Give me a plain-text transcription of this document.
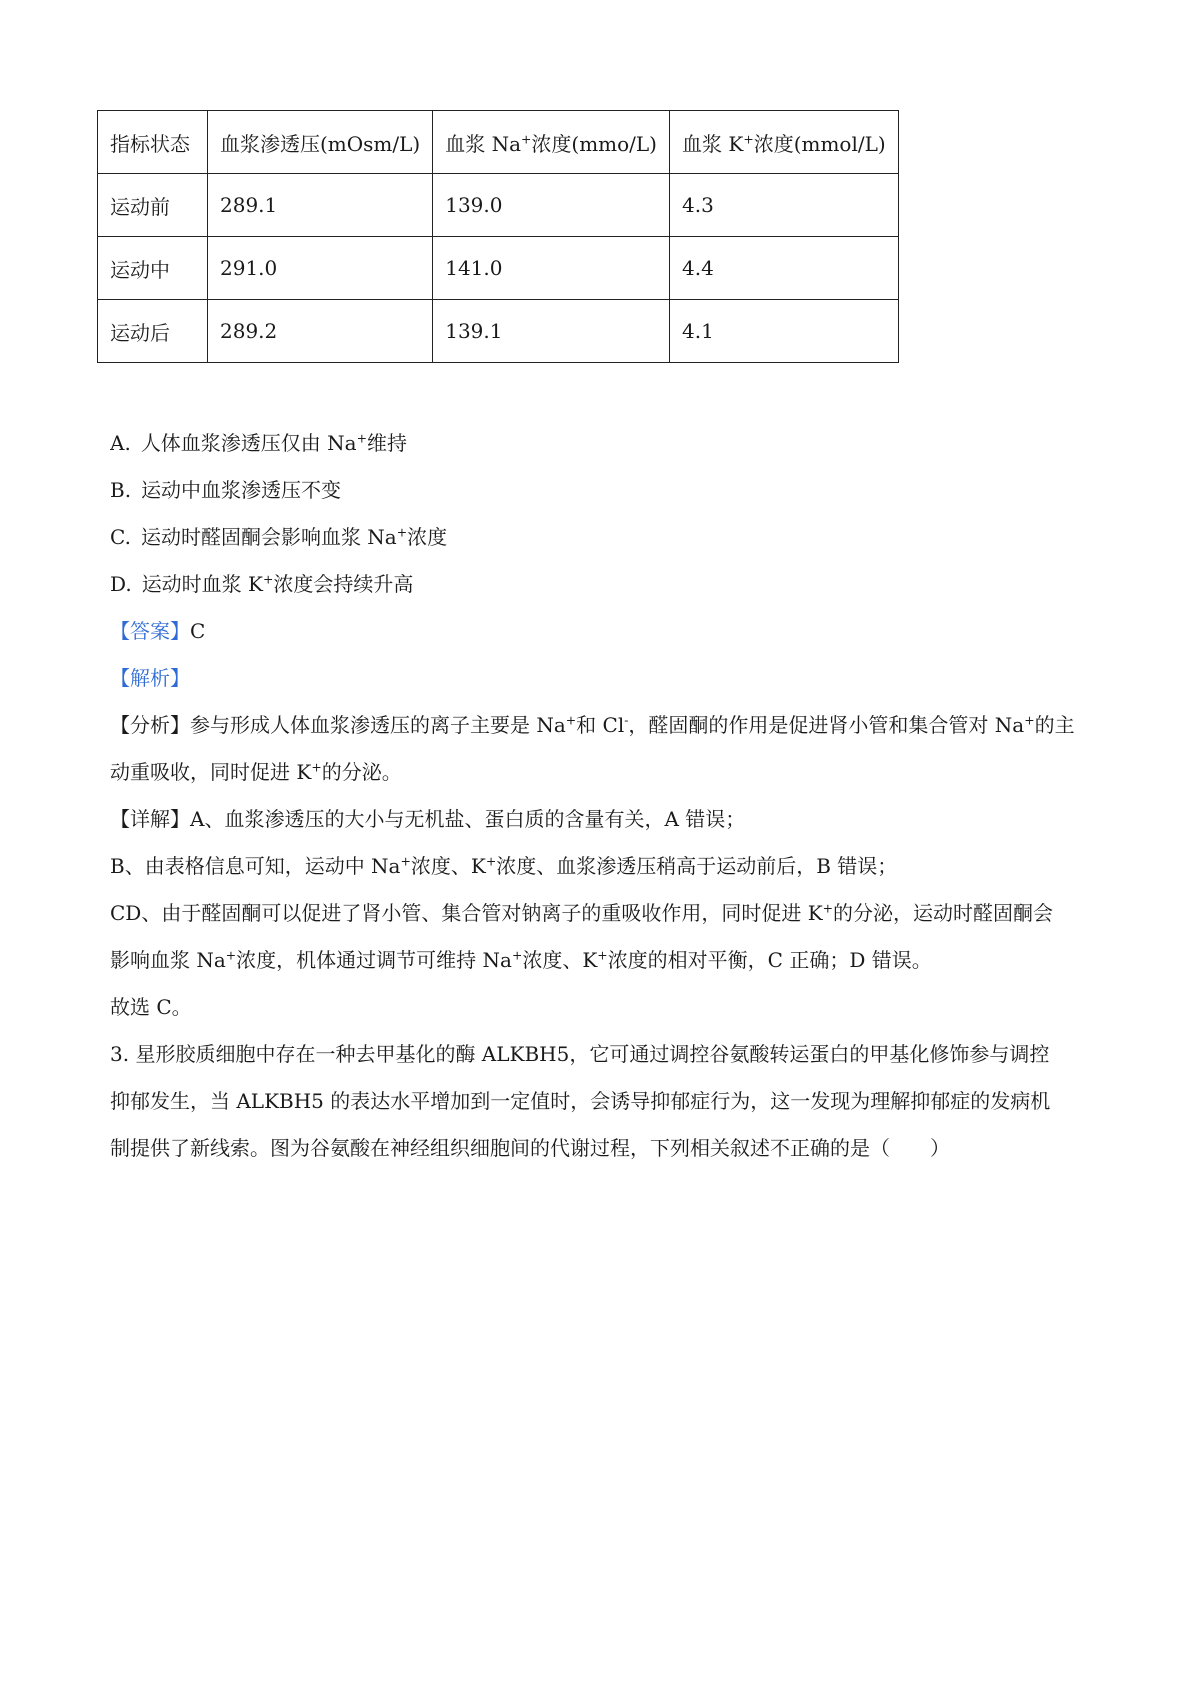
指标状态	血浆渗透压(mOsm/L)	血浆 Na+浓度(mmo/L)	血浆 K+浓度(mmol/L)
运动前	289.1	139.0	4.3
运动中	291.0	141.0	4.4
运动后	289.2	139.1	4.1
A. 人体血浆渗透压仅由 Na+维持
B. 运动中血浆渗透压不变
C. 运动时醛固酮会影响血浆 Na+浓度
D. 运动时血浆 K+浓度会持续升高
【答案】C
【解析】
【分析】参与形成人体血浆渗透压的离子主要是 Na+和 Cl-，醛固酮的作用是促进肾小管和集合管对 Na+的主
动重吸收，同时促进 K+的分泌。
【详解】A、血浆渗透压的大小与无机盐、蛋白质的含量有关，A 错误；
B、由表格信息可知，运动中 Na+浓度、K+浓度、血浆渗透压稍高于运动前后，B 错误；
CD、由于醛固酮可以促进了肾小管、集合管对钠离子的重吸收作用，同时促进 K+的分泌，运动时醛固酮会
影响血浆 Na+浓度，机体通过调节可维持 Na+浓度、K+浓度的相对平衡，C 正确；D 错误。
故选 C。
3. 星形胶质细胞中存在一种去甲基化的酶 ALKBH5，它可通过调控谷氨酸转运蛋白的甲基化修饰参与调控
抑郁发生，当 ALKBH5 的表达水平增加到一定值时，会诱导抑郁症行为，这一发现为理解抑郁症的发病机
制提供了新线索。图为谷氨酸在神经组织细胞间的代谢过程，下列相关叙述不正确的是（　　）
